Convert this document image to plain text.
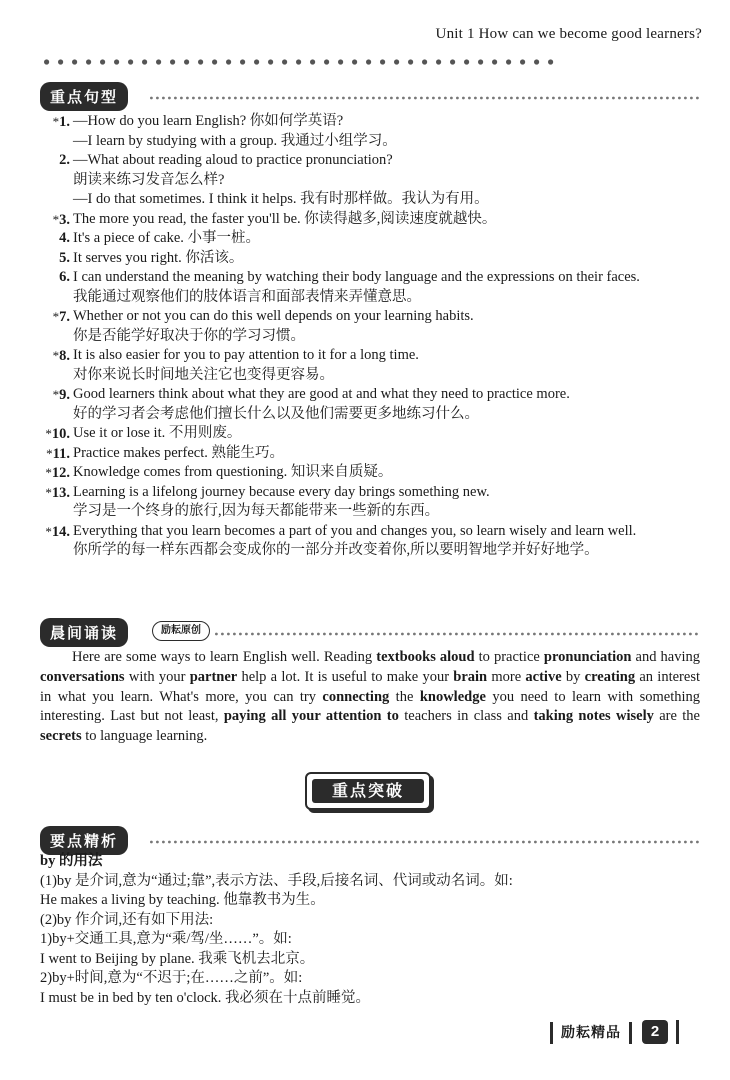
Unit 1 How can we become good learners?
重点句型
*1. —How do you learn English? 你如何学英语?
—I learn by studying with a group. 我通过小组学习。
2. —What about reading aloud to practice pronunciation?
朗读来练习发音怎么样?
—I do that sometimes. I think it helps. 我有时那样做。我认为有用。
*3. The more you read, the faster you'll be. 你读得越多,阅读速度就越快。
4. It's a piece of cake. 小事一桩。
5. It serves you right. 你活该。
6. I can understand the meaning by watching their body language and the expressions on their faces.
我能通过观察他们的肢体语言和面部表情来弄懂意思。
*7. Whether or not you can do this well depends on your learning habits.
你是否能学好取决于你的学习习惯。
*8. It is also easier for you to pay attention to it for a long time.
对你来说长时间地关注它也变得更容易。
*9. Good learners think about what they are good at and what they need to practice more.
好的学习者会考虑他们擅长什么以及他们需要更多地练习什么。
*10. Use it or lose it. 不用则废。
*11. Practice makes perfect. 熟能生巧。
*12. Knowledge comes from questioning. 知识来自质疑。
*13. Learning is a lifelong journey because every day brings something new.
学习是一个终身的旅行,因为每天都能带来一些新的东西。
*14. Everything that you learn becomes a part of you and changes you, so learn wisely and learn well.
你所学的每一样东西都会变成你的一部分并改变着你,所以要明智地学并好好地学。
晨间诵读	励耘原创
Here are some ways to learn English well. Reading textbooks aloud to practice pronunciation and having conversations with your partner help a lot. It is useful to make your brain more active by creating an interest in what you learn. What's more, you can try connecting the knowledge you need to learn with something interesting. Last but not least, paying all your attention to teachers in class and taking notes wisely are the secrets to language learning.
重点突破
要点精析
by 的用法
(1)by 是介词,意为“通过;靠”,表示方法、手段,后接名词、代词或动名词。如:
He makes a living by teaching. 他靠教书为生。
(2)by 作介词,还有如下用法:
1)by+交通工具,意为“乘/驾/坐……”。如:
I went to Beijing by plane. 我乘飞机去北京。
2)by+时间,意为“不迟于;在……之前”。如:
I must be in bed by ten o'clock. 我必须在十点前睡觉。
励耘精品	2
